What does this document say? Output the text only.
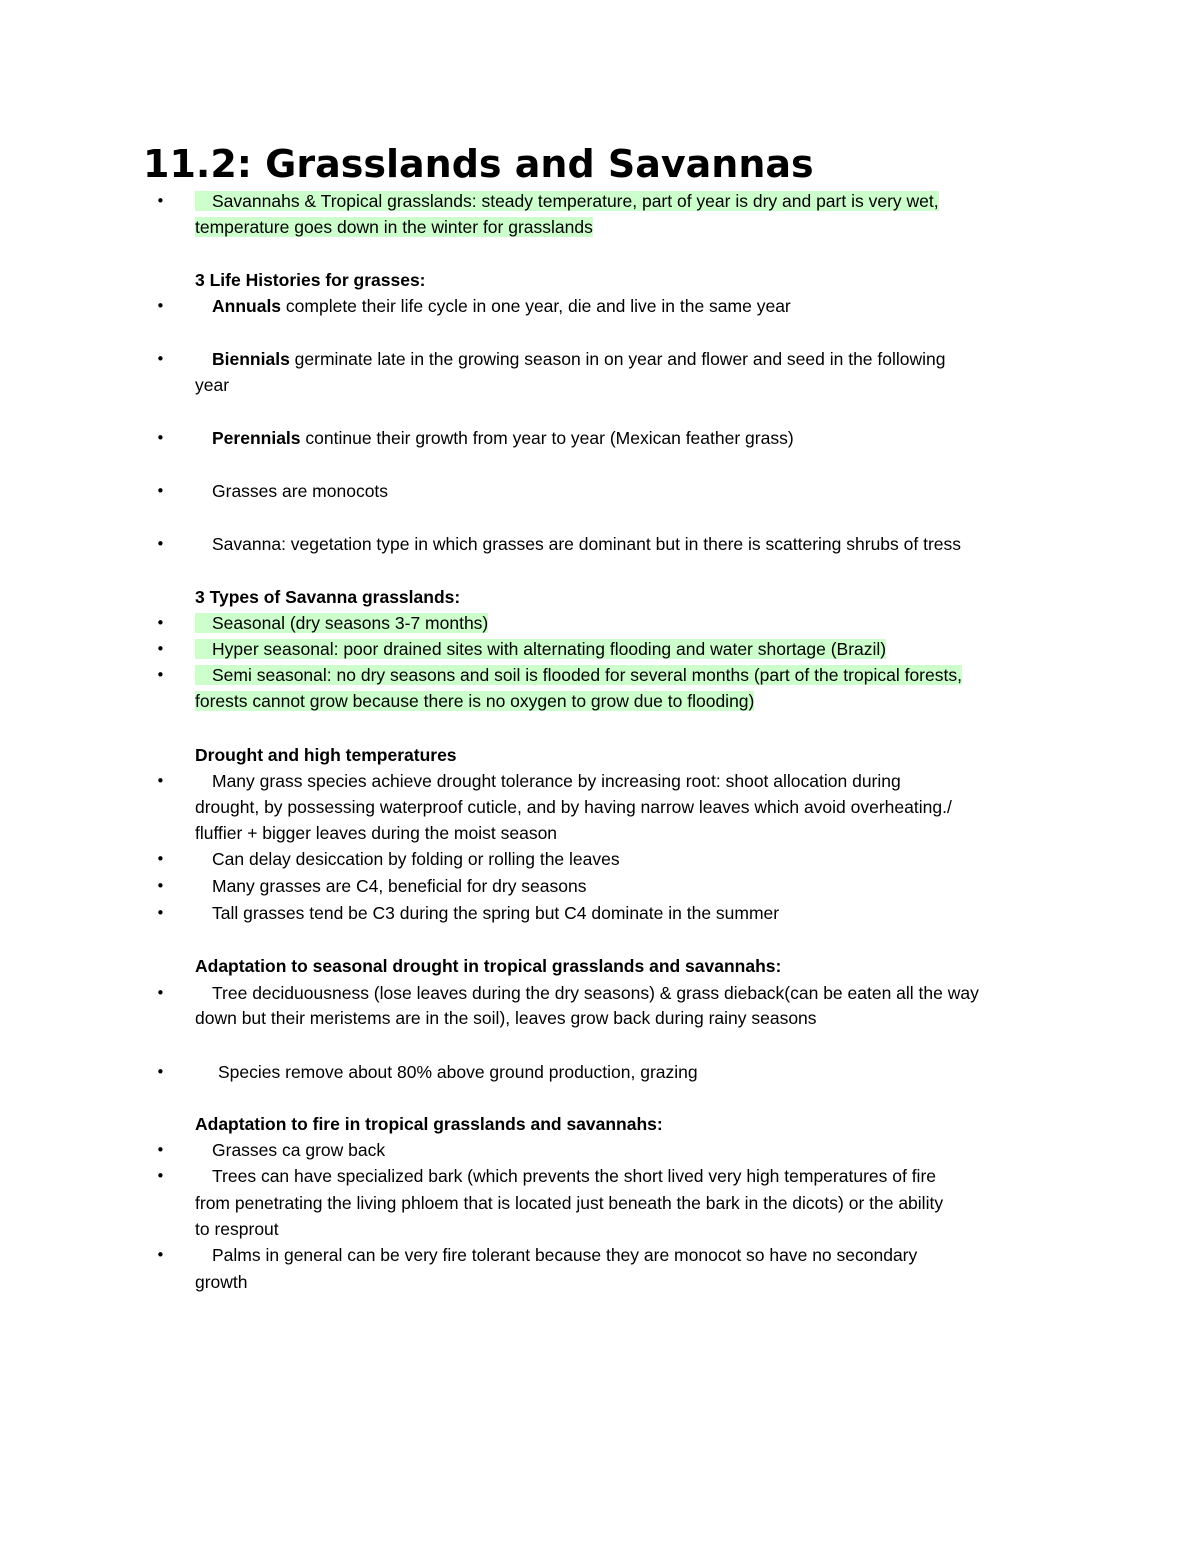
11.2: Grasslands and Savannas
•	Savannahs & Tropical grasslands: steady temperature, part of year is dry and part is very wet,
temperature goes down in the winter for grasslands
3 Life Histories for grasses:
•	Annuals complete their life cycle in one year, die and live in the same year
•	Biennials germinate late in the growing season in on year and flower and seed in the following
year
•	Perennials continue their growth from year to year (Mexican feather grass)
•	Grasses are monocots
•	Savanna: vegetation type in which grasses are dominant but in there is scattering shrubs of tress
3 Types of Savanna grasslands:
•	Seasonal (dry seasons 3-7 months)
•	Hyper seasonal: poor drained sites with alternating flooding and water shortage (Brazil)
•	Semi seasonal: no dry seasons and soil is flooded for several months (part of the tropical forests,
forests cannot grow because there is no oxygen to grow due to flooding)
Drought and high temperatures
•	Many grass species achieve drought tolerance by increasing root: shoot allocation during
drought, by possessing waterproof cuticle, and by having narrow leaves which avoid overheating./
fluffier + bigger leaves during the moist season
•	Can delay desiccation by folding or rolling the leaves
•	Many grasses are C4, beneficial for dry seasons
•	Tall grasses tend be C3 during the spring but C4 dominate in the summer
Adaptation to seasonal drought in tropical grasslands and savannahs:
•	Tree deciduousness (lose leaves during the dry seasons) & grass dieback(can be eaten all the way
down but their meristems are in the soil), leaves grow back during rainy seasons
•	Species remove about 80% above ground production, grazing
Adaptation to fire in tropical grasslands and savannahs:
•	Grasses ca grow back
•	Trees can have specialized bark (which prevents the short lived very high temperatures of fire
from penetrating the living phloem that is located just beneath the bark in the dicots) or the ability
to resprout
•	Palms in general can be very fire tolerant because they are monocot so have no secondary
growth
